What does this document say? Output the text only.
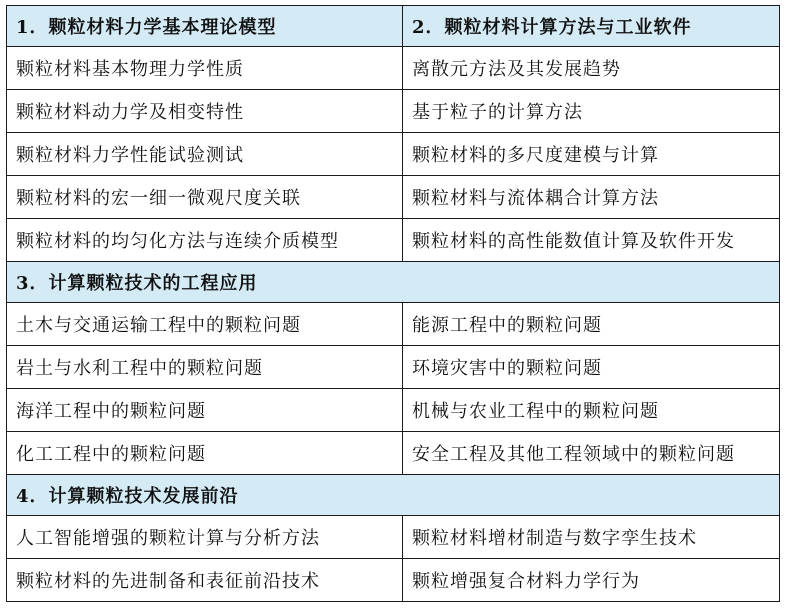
1．颗粒材料力学基本理论模型	2．颗粒材料计算方法与工业软件
颗粒材料基本物理力学性质	离散元方法及其发展趋势
颗粒材料动力学及相变特性	基于粒子的计算方法
颗粒材料力学性能试验测试	颗粒材料的多尺度建模与计算
颗粒材料的宏一细一微观尺度关联	颗粒材料与流体耦合计算方法
颗粒材料的均匀化方法与连续介质模型	颗粒材料的高性能数值计算及软件开发
3．计算颗粒技术的工程应用	
土木与交通运输工程中的颗粒问题	能源工程中的颗粒问题
岩土与水利工程中的颗粒问题	环境灾害中的颗粒问题
海洋工程中的颗粒问题	机械与农业工程中的颗粒问题
化工工程中的颗粒问题	安全工程及其他工程领域中的颗粒问题
4．计算颗粒技术发展前沿	
人工智能增强的颗粒计算与分析方法	颗粒材料增材制造与数字孪生技术
颗粒材料的先进制备和表征前沿技术	颗粒增强复合材料力学行为
